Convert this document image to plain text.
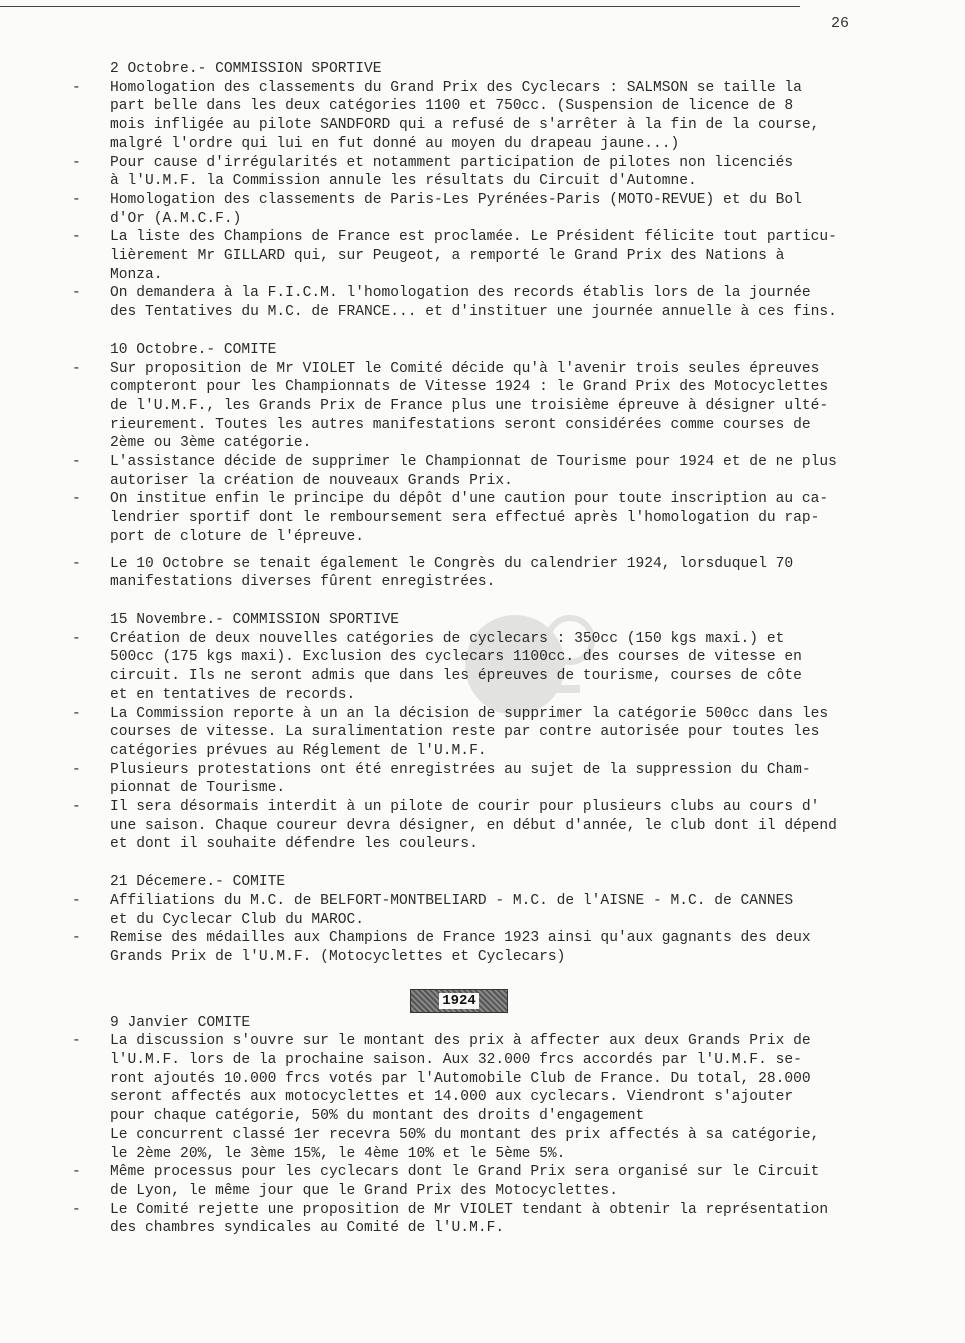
26
2 Octobre.- COMMISSION SPORTIVE
- Homologation des classements du Grand Prix des Cyclecars : SALMSON se taille la
part belle dans les deux catégories 1100 et 750cc. (Suspension de licence de 8
mois infligée au pilote SANDFORD qui a refusé de s'arrêter à la fin de la course,
malgré l'ordre qui lui en fut donné au moyen du drapeau jaune...)
- Pour cause d'irrégularités et notamment participation de pilotes non licenciés
à l'U.M.F. la Commission annule les résultats du Circuit d'Automne.
- Homologation des classements de Paris-Les Pyrénées-Paris (MOTO-REVUE) et du Bol
d'Or (A.M.C.F.)
- La liste des Champions de France est proclamée. Le Président félicite tout particu-
lièrement Mr GILLARD qui, sur Peugeot, a remporté le Grand Prix des Nations à
Monza.
- On demandera à la F.I.C.M. l'homologation des records établis lors de la journée
des Tentatives du M.C. de FRANCE... et d'instituer une journée annuelle à ces fins.
10 Octobre.- COMITE
- Sur proposition de Mr VIOLET le Comité décide qu'à l'avenir trois seules épreuves
compteront pour les Championnats de Vitesse 1924 : le Grand Prix des Motocyclettes
de l'U.M.F., les Grands Prix de France plus une troisième épreuve à désigner ulté-
rieurement. Toutes les autres manifestations seront considérées comme courses de
2ème ou 3ème catégorie.
- L'assistance décide de supprimer le Championnat de Tourisme pour 1924 et de ne plus
autoriser la création de nouveaux Grands Prix.
- On institue enfin le principe du dépôt d'une caution pour toute inscription au ca-
lendrier sportif dont le remboursement sera effectué après l'homologation du rap-
port de cloture de l'épreuve.
- Le 10 Octobre se tenait également le Congrès du calendrier 1924, lorsduquel 70
manifestations diverses fûrent enregistrées.
15 Novembre.- COMMISSION SPORTIVE
- Création de deux nouvelles catégories de cyclecars : 350cc (150 kgs maxi.) et
500cc (175 kgs maxi). Exclusion des cyclecars 1100cc. des courses de vitesse en
circuit. Ils ne seront admis que dans les épreuves de tourisme, courses de côte
et en tentatives de records.
- La Commission reporte à un an la décision de supprimer la catégorie 500cc dans les
courses de vitesse. La suralimentation reste par contre autorisée pour toutes les
catégories prévues au Réglement de l'U.M.F.
- Plusieurs protestations ont été enregistrées au sujet de la suppression du Cham-
pionnat de Tourisme.
- Il sera désormais interdit à un pilote de courir pour plusieurs clubs au cours d'
une saison. Chaque coureur devra désigner, en début d'année, le club dont il dépend
et dont il souhaite défendre les couleurs.
21 Décemere.- COMITE
- Affiliations du M.C. de BELFORT-MONTBELIARD - M.C. de l'AISNE - M.C. de CANNES
et du Cyclecar Club du MAROC.
- Remise des médailles aux Champions de France 1923 ainsi qu'aux gagnants des deux
Grands Prix de l'U.M.F. (Motocyclettes et Cyclecars)
1924
9 Janvier COMITE
- La discussion s'ouvre sur le montant des prix à affecter aux deux Grands Prix de
l'U.M.F. lors de la prochaine saison. Aux 32.000 frcs accordés par l'U.M.F. se-
ront ajoutés 10.000 frcs votés par l'Automobile Club de France. Du total, 28.000
seront affectés aux motocyclettes et 14.000 aux cyclecars. Viendront s'ajouter
pour chaque catégorie, 50% du montant des droits d'engagement
Le concurrent classé 1er recevra 50% du montant des prix affectés à sa catégorie,
le 2ème 20%, le 3ème 15%, le 4ème 10% et le 5ème 5%.
- Même processus pour les cyclecars dont le Grand Prix sera organisé sur le Circuit
de Lyon, le même jour que le Grand Prix des Motocyclettes.
- Le Comité rejette une proposition de Mr VIOLET tendant à obtenir la représentation
des chambres syndicales au Comité de l'U.M.F.
